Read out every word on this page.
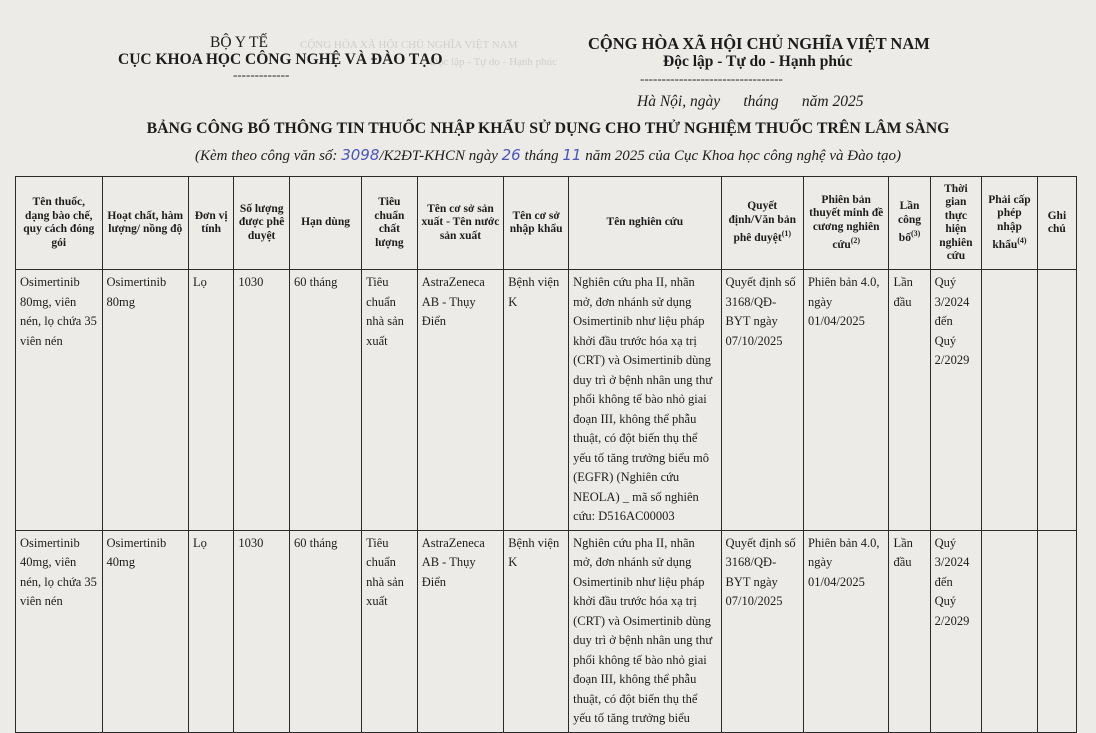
CỘNG HÒA XÃ HỘI CHỦ NGHĨA VIỆT NAM
Độc lập - Tự do - Hạnh phúc
BỘ Y TẾ
CỤC KHOA HỌC CÔNG NGHỆ VÀ ĐÀO TẠO
-------------
CỘNG HÒA XÃ HỘI CHỦ NGHĨA VIỆT NAM
Độc lập - Tự do - Hạnh phúc
---------------------------------
Hà Nội, ngày      tháng      năm 2025
BẢNG CÔNG BỐ THÔNG TIN THUỐC NHẬP KHẨU SỬ DỤNG CHO THỬ NGHIỆM THUỐC TRÊN LÂM SÀNG
(Kèm theo công văn số: 3098/K2ĐT-KHCN ngày 26 tháng 11 năm 2025 của Cục Khoa học công nghệ và Đào tạo)
Tên thuốc, dạng bào chế, quy cách đóng gói	Hoạt chất, hàm lượng/ nồng độ	Đơn vị tính	Số lượng được phê duyệt	Hạn dùng	Tiêu chuẩn chất lượng	Tên cơ sở sản xuất - Tên nước sản xuất	Tên cơ sở nhập khẩu	Tên nghiên cứu	Quyết định/Văn bản phê duyệt$^{(1)}$	Phiên bản thuyết minh đề cương nghiên cứu$^{(2)}$	Lần công bố$^{(3)}$	Thời gian thực hiện nghiên cứu	Phải cấp phép nhập khẩu$^{(4)}$	Ghi chú
Osimertinib 80mg, viên nén, lọ chứa 35 viên nén	Osimertinib 80mg	Lọ	1030	60 tháng	Tiêu chuẩn nhà sản xuất	AstraZeneca AB - Thụy Điển	Bệnh viện K	Nghiên cứu pha II, nhãn mở, đơn nhánh sử dụng Osimertinib như liệu pháp khởi đầu trước hóa xạ trị (CRT) và Osimertinib dùng duy trì ở bệnh nhân ung thư phổi không tế bào nhỏ giai đoạn III, không thể phẫu thuật, có đột biến thụ thể yếu tố tăng trưởng biểu mô (EGFR) (Nghiên cứu NEOLA) _ mã số nghiên cứu: D516AC00003	Quyết định số 3168/QĐ-BYT ngày 07/10/2025	Phiên bản 4.0, ngày 01/04/2025	Lần đầu	Quý 3/2024 đến Quý 2/2029		
Osimertinib 40mg, viên nén, lọ chứa 35 viên nén	Osimertinib 40mg	Lọ	1030	60 tháng	Tiêu chuẩn nhà sản xuất	AstraZeneca AB - Thụy Điển	Bệnh viện K	Nghiên cứu pha II, nhãn mở, đơn nhánh sử dụng Osimertinib như liệu pháp khởi đầu trước hóa xạ trị (CRT) và Osimertinib dùng duy trì ở bệnh nhân ung thư phổi không tế bào nhỏ giai đoạn III, không thể phẫu thuật, có đột biến thụ thể yếu tố tăng trưởng biểu	Quyết định số 3168/QĐ-BYT ngày 07/10/2025	Phiên bản 4.0, ngày 01/04/2025	Lần đầu	Quý 3/2024 đến Quý 2/2029		
